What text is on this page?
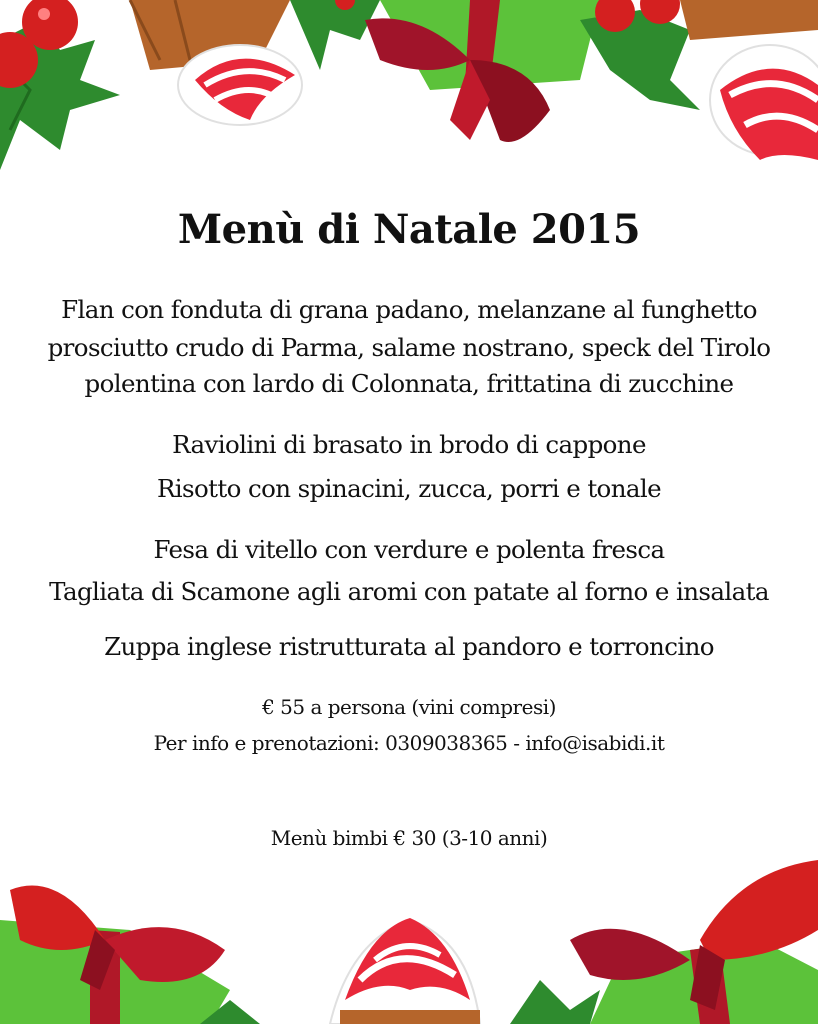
Menù di Natale 2015
Flan con fonduta di grana padano, melanzane al funghetto
prosciutto crudo di Parma, salame nostrano, speck del Tirolo
polentina con lardo di Colonnata, frittatina di zucchine
Raviolini di brasato in brodo di cappone
Risotto con spinacini, zucca, porri e tonale
Fesa di vitello con verdure e polenta fresca
Tagliata di Scamone agli aromi con patate al forno e insalata
Zuppa inglese ristrutturata al pandoro e torroncino
€ 55 a persona (vini compresi)
Per info e prenotazioni: 0309038365 - info@isabidi.it
Menù bimbi € 30 (3-10 anni)
